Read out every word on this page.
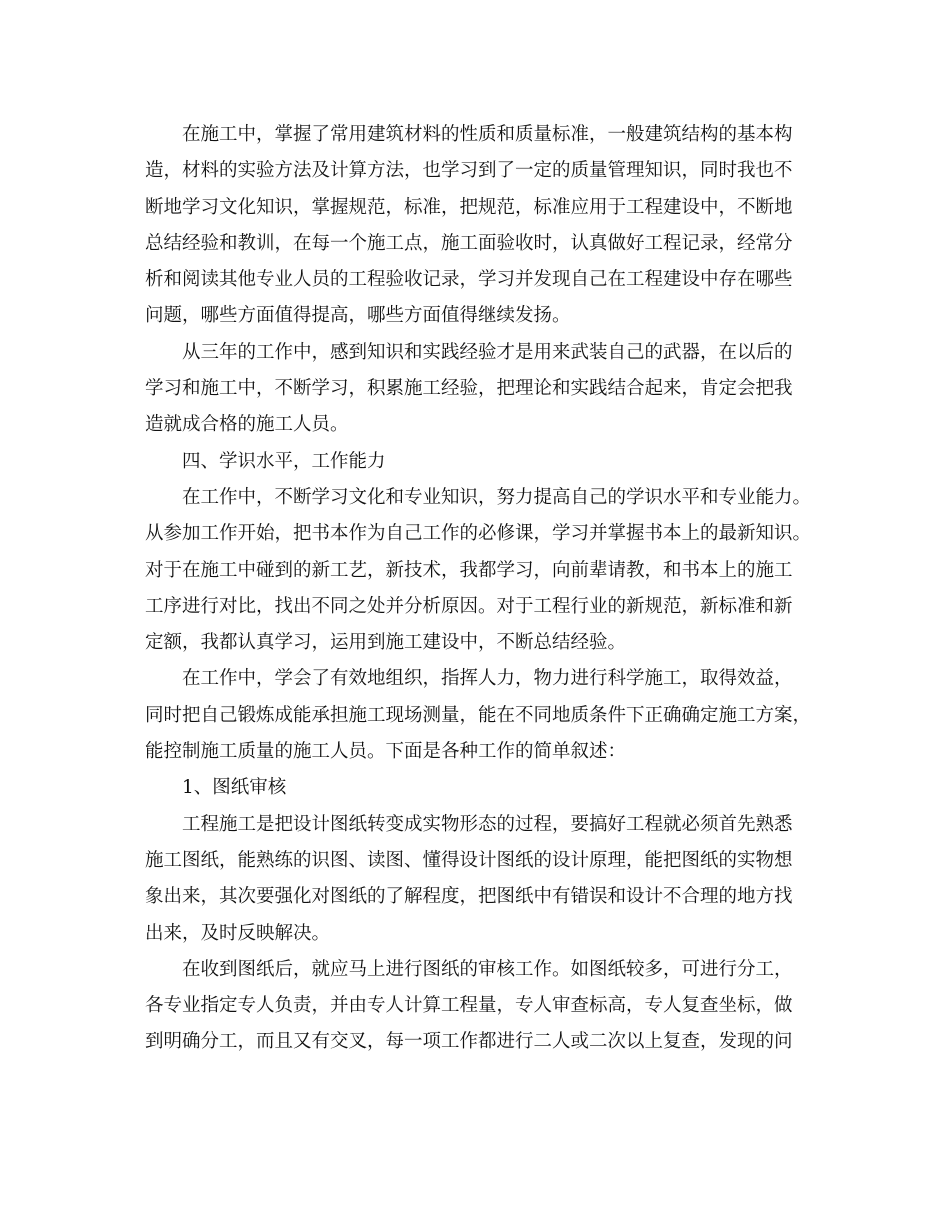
在施工中，掌握了常用建筑材料的性质和质量标准，一般建筑结构的基本构
造，材料的实验方法及计算方法，也学习到了一定的质量管理知识，同时我也不
断地学习文化知识，掌握规范，标准，把规范，标准应用于工程建设中，不断地
总结经验和教训，在每一个施工点，施工面验收时，认真做好工程记录，经常分
析和阅读其他专业人员的工程验收记录，学习并发现自己在工程建设中存在哪些
问题，哪些方面值得提高，哪些方面值得继续发扬。
从三年的工作中，感到知识和实践经验才是用来武装自己的武器，在以后的
学习和施工中，不断学习，积累施工经验，把理论和实践结合起来，肯定会把我
造就成合格的施工人员。
四、学识水平，工作能力
在工作中，不断学习文化和专业知识，努力提高自己的学识水平和专业能力。
从参加工作开始，把书本作为自己工作的必修课，学习并掌握书本上的最新知识。
对于在施工中碰到的新工艺，新技术，我都学习，向前辈请教，和书本上的施工
工序进行对比，找出不同之处并分析原因。对于工程行业的新规范，新标准和新
定额，我都认真学习，运用到施工建设中，不断总结经验。
在工作中，学会了有效地组织，指挥人力，物力进行科学施工，取得效益，
同时把自己锻炼成能承担施工现场测量，能在不同地质条件下正确确定施工方案，
能控制施工质量的施工人员。下面是各种工作的简单叙述：
1、图纸审核
工程施工是把设计图纸转变成实物形态的过程，要搞好工程就必须首先熟悉
施工图纸，能熟练的识图、读图、懂得设计图纸的设计原理，能把图纸的实物想
象出来，其次要强化对图纸的了解程度，把图纸中有错误和设计不合理的地方找
出来，及时反映解决。
在收到图纸后，就应马上进行图纸的审核工作。如图纸较多，可进行分工，
各专业指定专人负责，并由专人计算工程量，专人审查标高，专人复查坐标，做
到明确分工，而且又有交叉，每一项工作都进行二人或二次以上复查，发现的问
